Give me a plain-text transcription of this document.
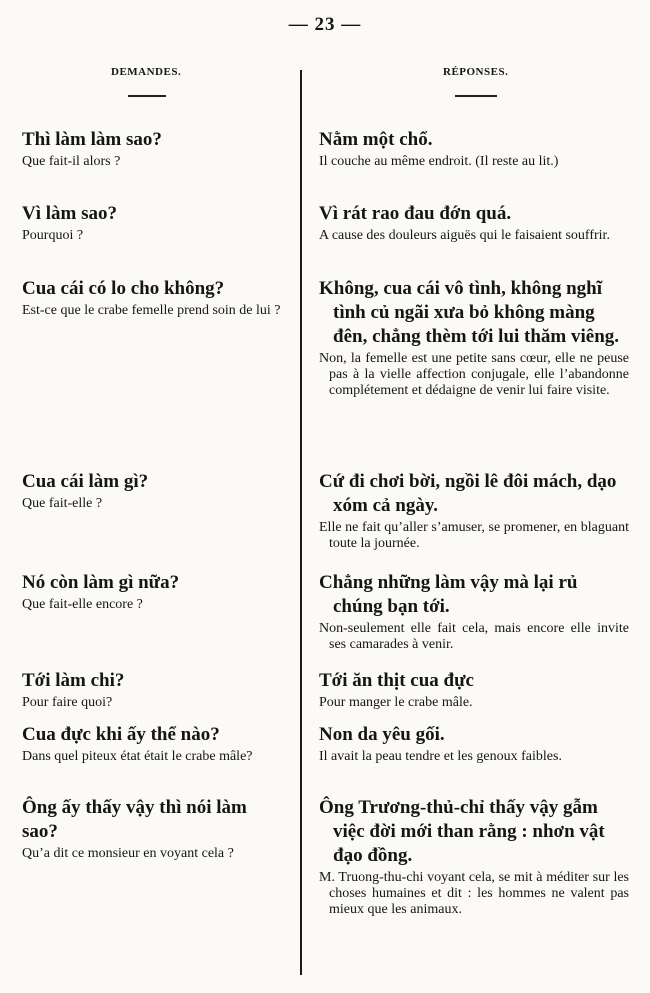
— 23 —
DEMANDES.	RÉPONSES.
Thì làm làm sao?
Que fait-il alors ?
Nằm một chổ.
Il couche au même endroit. (Il reste au lit.)
Vì làm sao?
Pourquoi ?
Vì rát rao đau đớn quá.
A cause des douleurs aiguës qui le faisaient souffrir.
Cua cái có lo cho không?
Est-ce que le crabe femelle prend soin de lui ?
Không, cua cái vô tình, không nghĩ tình củ ngãi xưa bỏ không màng đên, chẳng thèm tới lui thăm viêng.
Non, la femelle est une petite sans cœur, elle ne peuse pas à la vielle affection conjugale, elle l’abandonne complétement et dédaigne de venir lui faire visite.
Cua cái làm gì?
Que fait-elle ?
Cứ đi chơi bời, ngồi lê đôi mách, dạo xóm cả ngày.
Elle ne fait qu’aller s’amuser, se promener, en blaguant toute la journée.
Nó còn làm gì nữa?
Que fait-elle encore ?
Chẳng những làm vậy mà lại rủ chúng bạn tới.
Non-seulement elle fait cela, mais encore elle invite ses camarades à venir.
Tới làm chi?
Pour faire quoi?
Tới ăn thịt cua đực
Pour manger le crabe mâle.
Cua đực khi ấy thể nào?
Dans quel piteux état était le crabe mâle?
Non da yêu gối.
Il avait la peau tendre et les genoux faibles.
Ông ấy thấy vậy thì nói làm sao?
Qu’a dit ce monsieur en voyant cela ?
Ông Trương-thủ-chỉ thấy vậy gẫm việc đời mới than rằng : nhơn vật đạo đồng.
M. Truong-thu-chi voyant cela, se mit à méditer sur les choses humaines et dit : les hommes ne valent pas mieux que les animaux.
